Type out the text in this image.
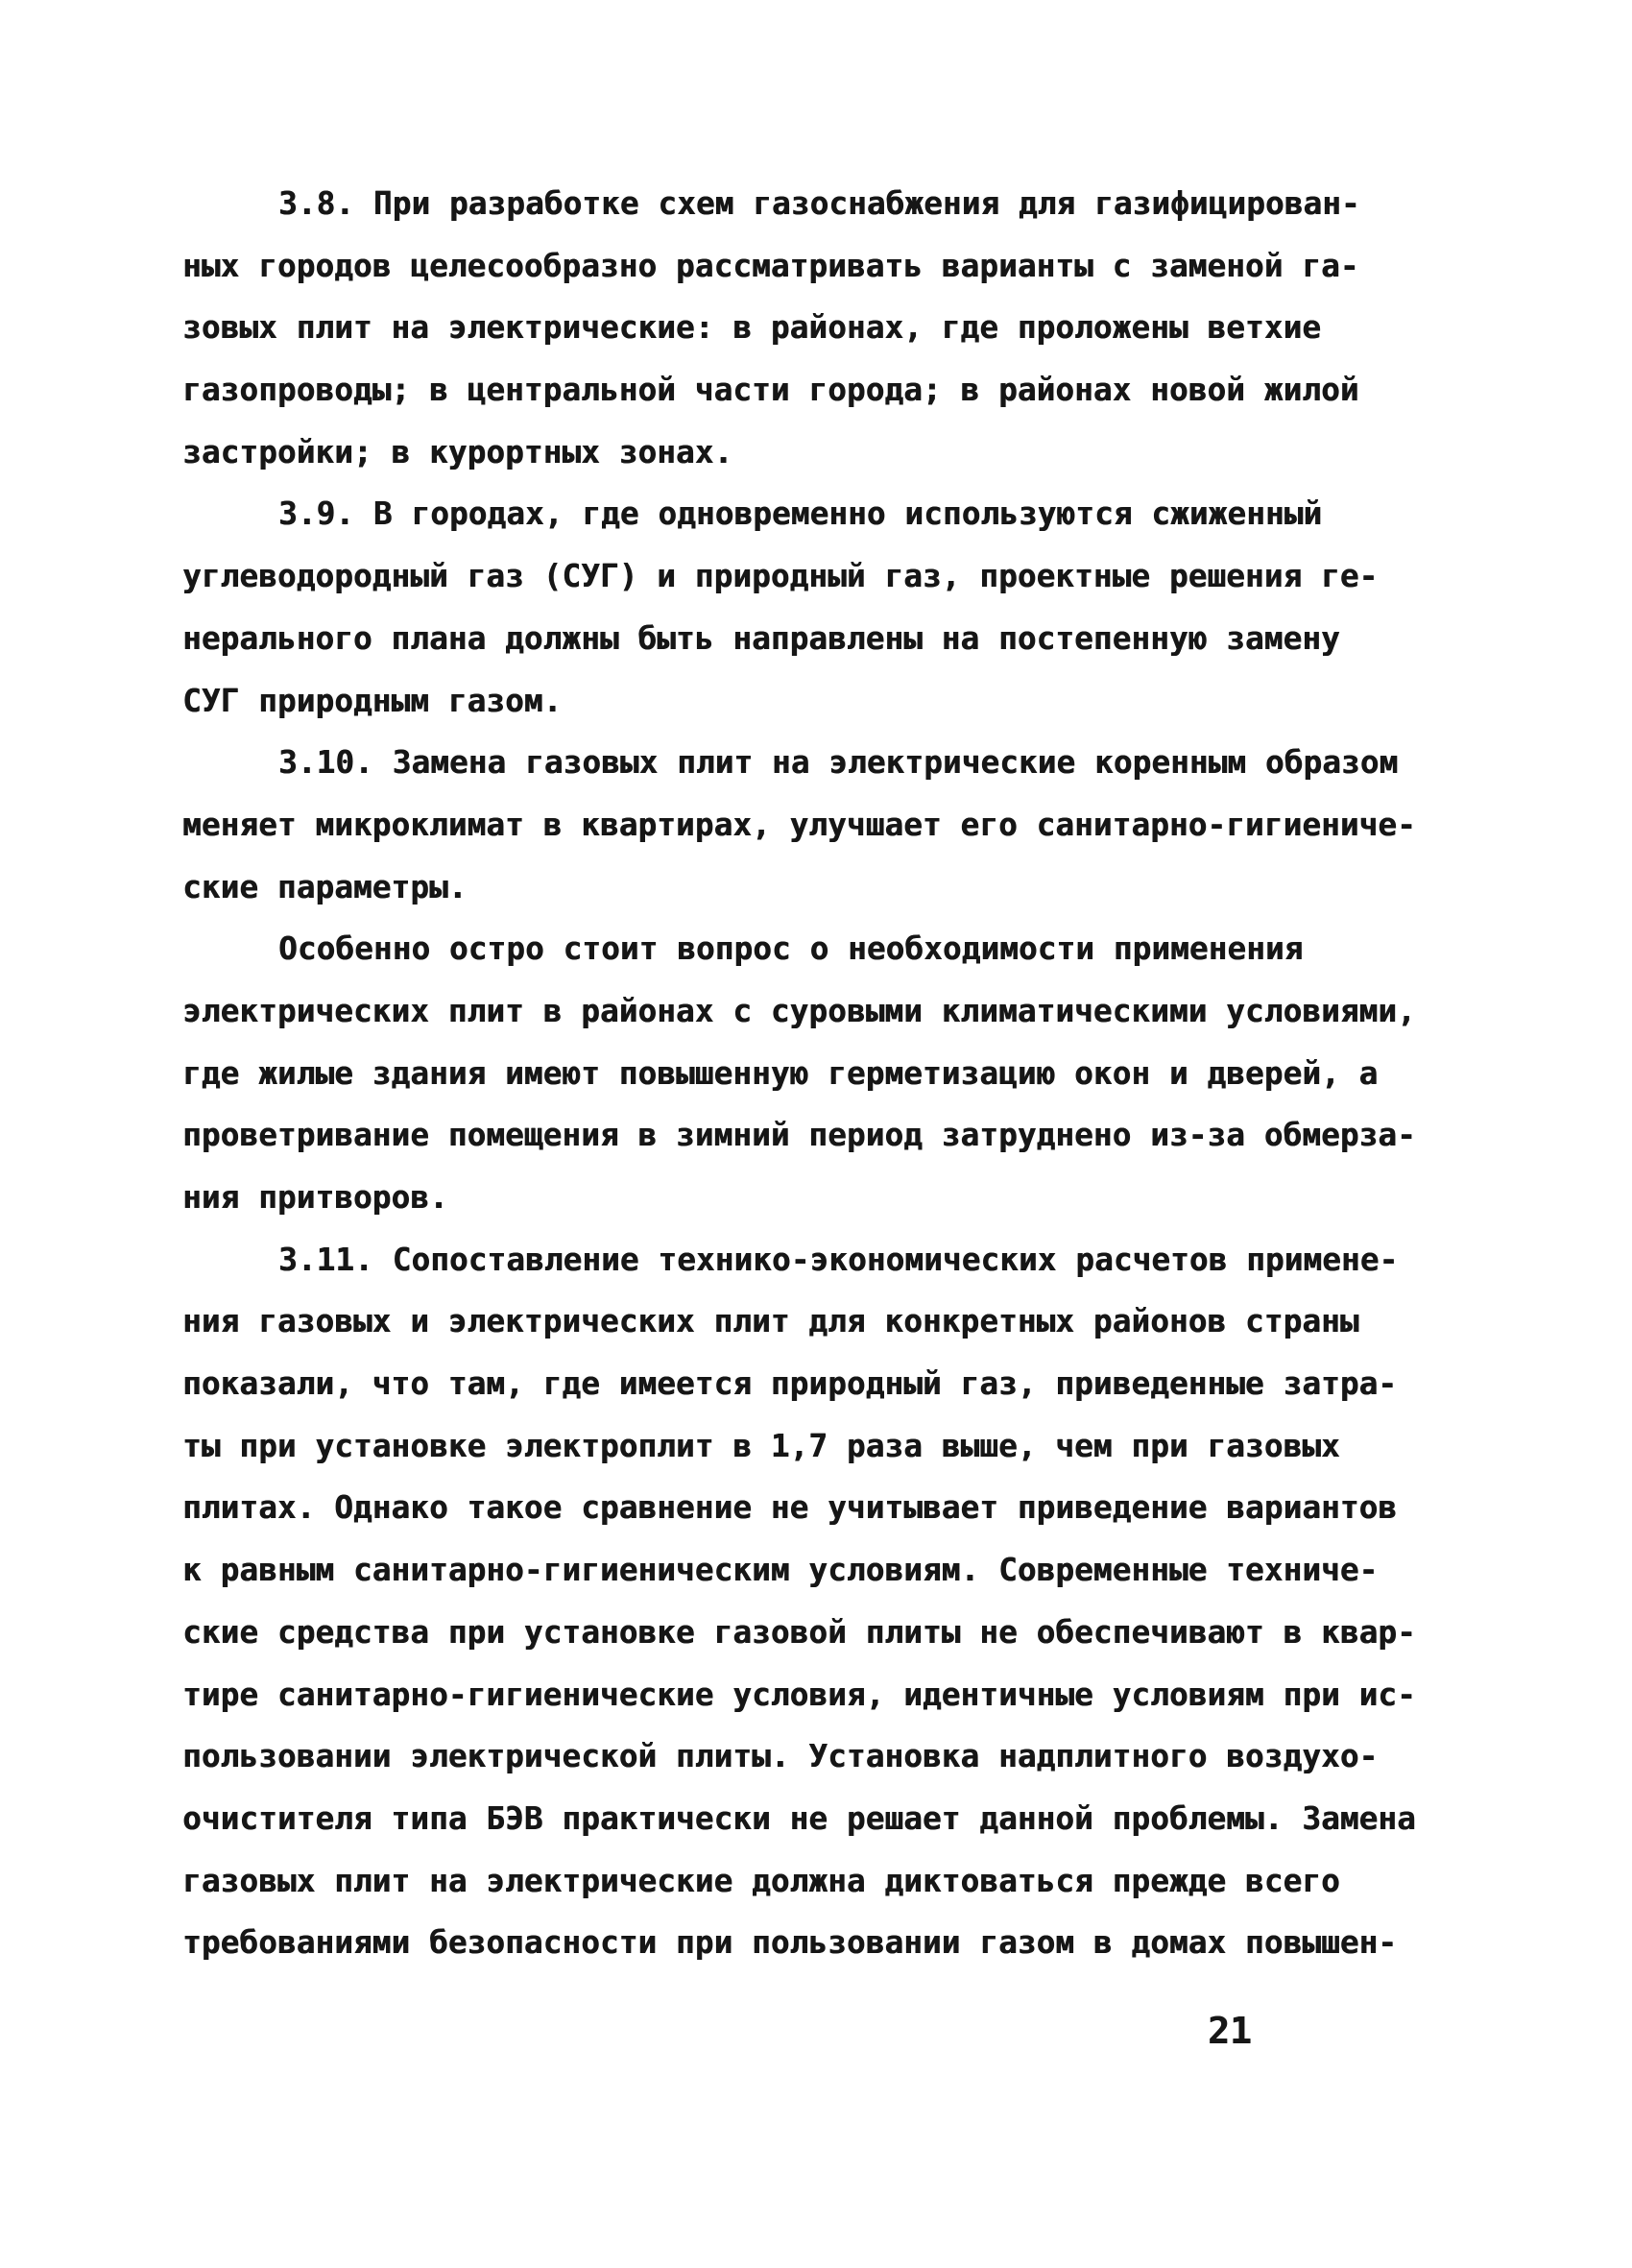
3.8. При разработке схем газоснабжения для газифицирован-
ных городов целесообразно рассматривать варианты с заменой га-
зовых плит на электрические: в районах, где проложены ветхие
газопроводы; в центральной части города; в районах новой жилой
застройки; в курортных зонах.
3.9. В городах, где одновременно используются сжиженный
углеводородный газ (СУГ) и природный газ, проектные решения ге-
нерального плана должны быть направлены на постепенную замену
СУГ природным газом.
3.10. Замена газовых плит на электрические коренным образом
меняет микроклимат в квартирах, улучшает его санитарно-гигиениче-
ские параметры.
Особенно остро стоит вопрос о необходимости применения
электрических плит в районах с суровыми климатическими условиями,
где жилые здания имеют повышенную герметизацию окон и дверей, а
проветривание помещения в зимний период затруднено из-за обмерза-
ния притворов.
3.11. Сопоставление технико-экономических расчетов примене-
ния газовых и электрических плит для конкретных районов страны
показали, что там, где имеется природный газ, приведенные затра-
ты при установке электроплит в 1,7 раза выше, чем при газовых
плитах. Однако такое сравнение не учитывает приведение вариантов
к равным санитарно-гигиеническим условиям. Современные техниче-
ские средства при установке газовой плиты не обеспечивают в квар-
тире санитарно-гигиенические условия, идентичные условиям при ис-
пользовании электрической плиты. Установка надплитного воздухо-
очистителя типа БЭВ практически не решает данной проблемы. Замена
газовых плит на электрические должна диктоваться прежде всего
требованиями безопасности при пользовании газом в домах повышен-
21
